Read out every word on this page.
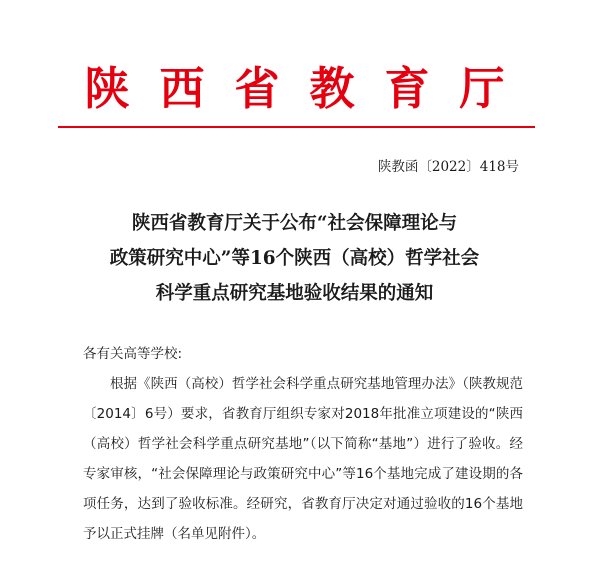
陕西省教育厅
陕教函〔2022〕418号
陕西省教育厅关于公布“社会保障理论与
政策研究中心”等16个陕西（高校）哲学社会
科学重点研究基地验收结果的通知
各有关高等学校:
根据《陕西（高校）哲学社会科学重点研究基地管理办法》（陕教规范〔2014〕6号）要求，省教育厅组织专家对2018年批准立项建设的“陕西（高校）哲学社会科学重点研究基地”（以下简称“基地”）进行了验收。经专家审核，“社会保障理论与政策研究中心”等16个基地完成了建设期的各项任务，达到了验收标准。经研究，省教育厅决定对通过验收的16个基地予以正式挂牌（名单见附件）。
